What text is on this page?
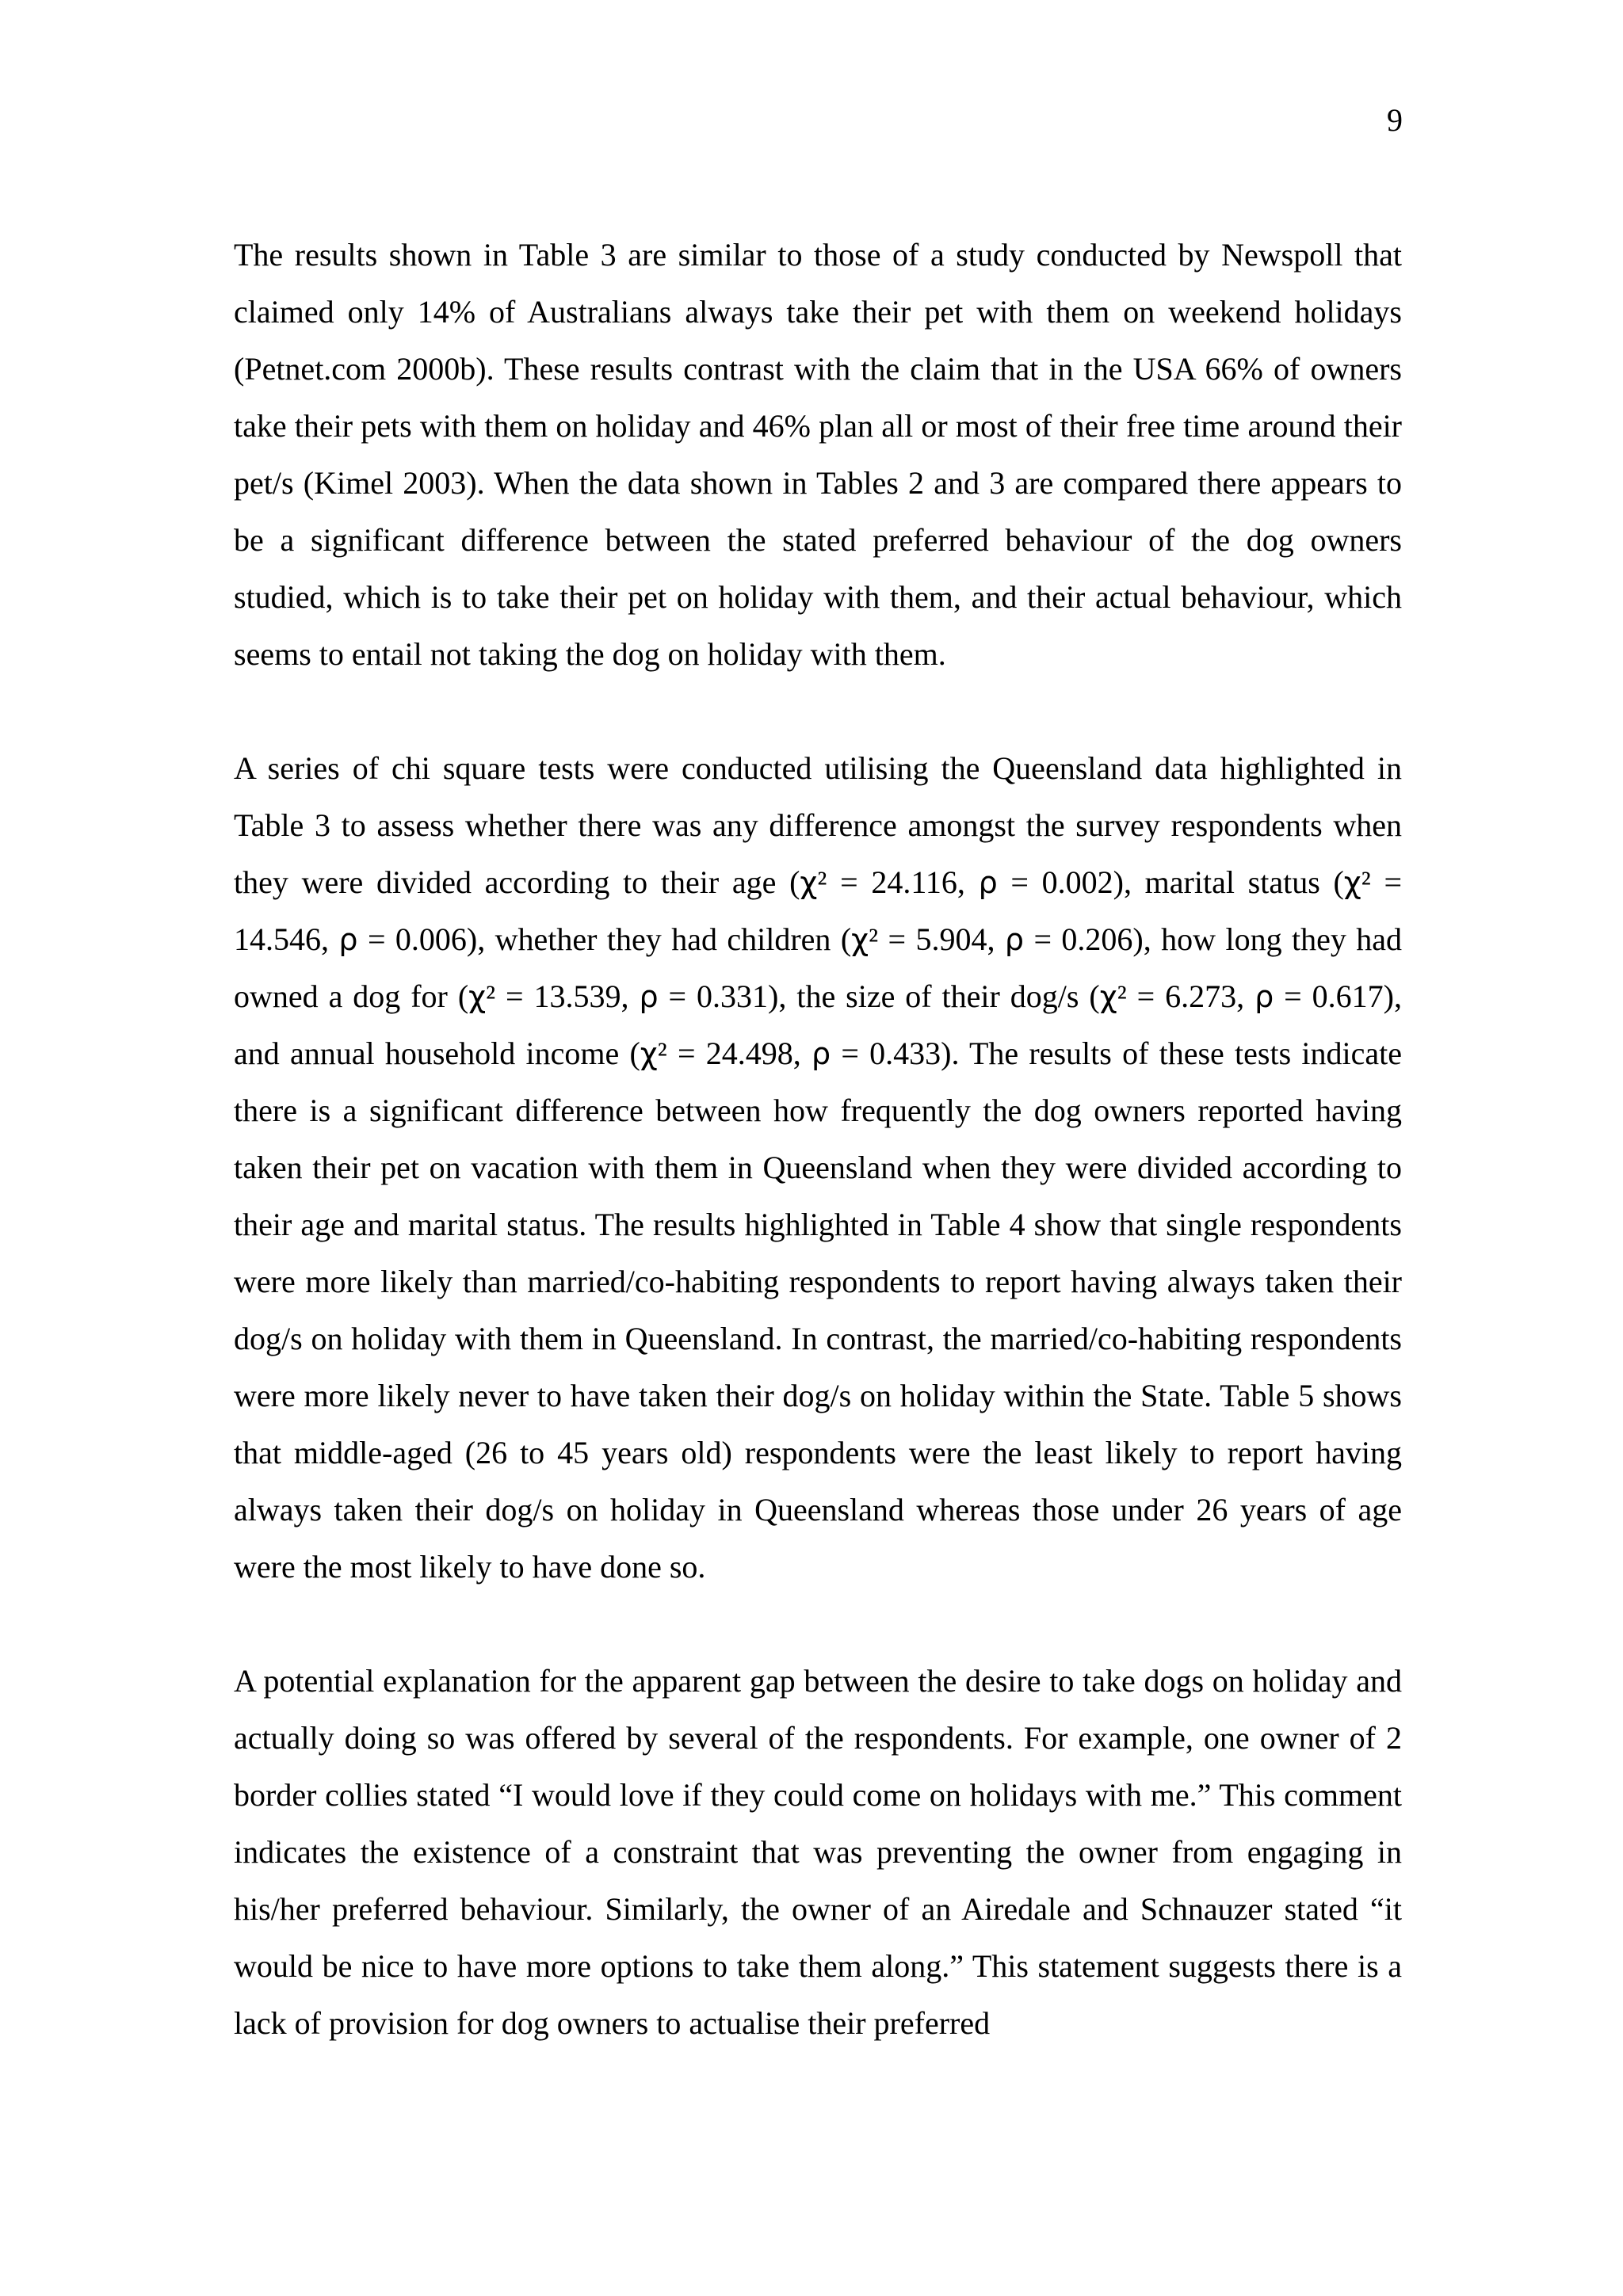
9

The results shown in Table 3 are similar to those of a study conducted by Newspoll that claimed only 14% of Australians always take their pet with them on weekend holidays (Petnet.com 2000b). These results contrast with the claim that in the USA 66% of owners take their pets with them on holiday and 46% plan all or most of their free time around their pet/s (Kimel 2003). When the data shown in Tables 2 and 3 are compared there appears to be a significant difference between the stated preferred behaviour of the dog owners studied, which is to take their pet on holiday with them, and their actual behaviour, which seems to entail not taking the dog on holiday with them.

A series of chi square tests were conducted utilising the Queensland data highlighted in Table 3 to assess whether there was any difference amongst the survey respondents when they were divided according to their age (χ² = 24.116, ρ = 0.002), marital status (χ² = 14.546, ρ = 0.006), whether they had children (χ² = 5.904, ρ = 0.206), how long they had owned a dog for (χ² = 13.539, ρ = 0.331), the size of their dog/s (χ² = 6.273, ρ = 0.617), and annual household income (χ² = 24.498, ρ = 0.433). The results of these tests indicate there is a significant difference between how frequently the dog owners reported having taken their pet on vacation with them in Queensland when they were divided according to their age and marital status. The results highlighted in Table 4 show that single respondents were more likely than married/co-habiting respondents to report having always taken their dog/s on holiday with them in Queensland. In contrast, the married/co-habiting respondents were more likely never to have taken their dog/s on holiday within the State. Table 5 shows that middle-aged (26 to 45 years old) respondents were the least likely to report having always taken their dog/s on holiday in Queensland whereas those under 26 years of age were the most likely to have done so.

A potential explanation for the apparent gap between the desire to take dogs on holiday and actually doing so was offered by several of the respondents. For example, one owner of 2 border collies stated “I would love if they could come on holidays with me.” This comment indicates the existence of a constraint that was preventing the owner from engaging in his/her preferred behaviour. Similarly, the owner of an Airedale and Schnauzer stated “it would be nice to have more options to take them along.” This statement suggests there is a lack of provision for dog owners to actualise their preferred
